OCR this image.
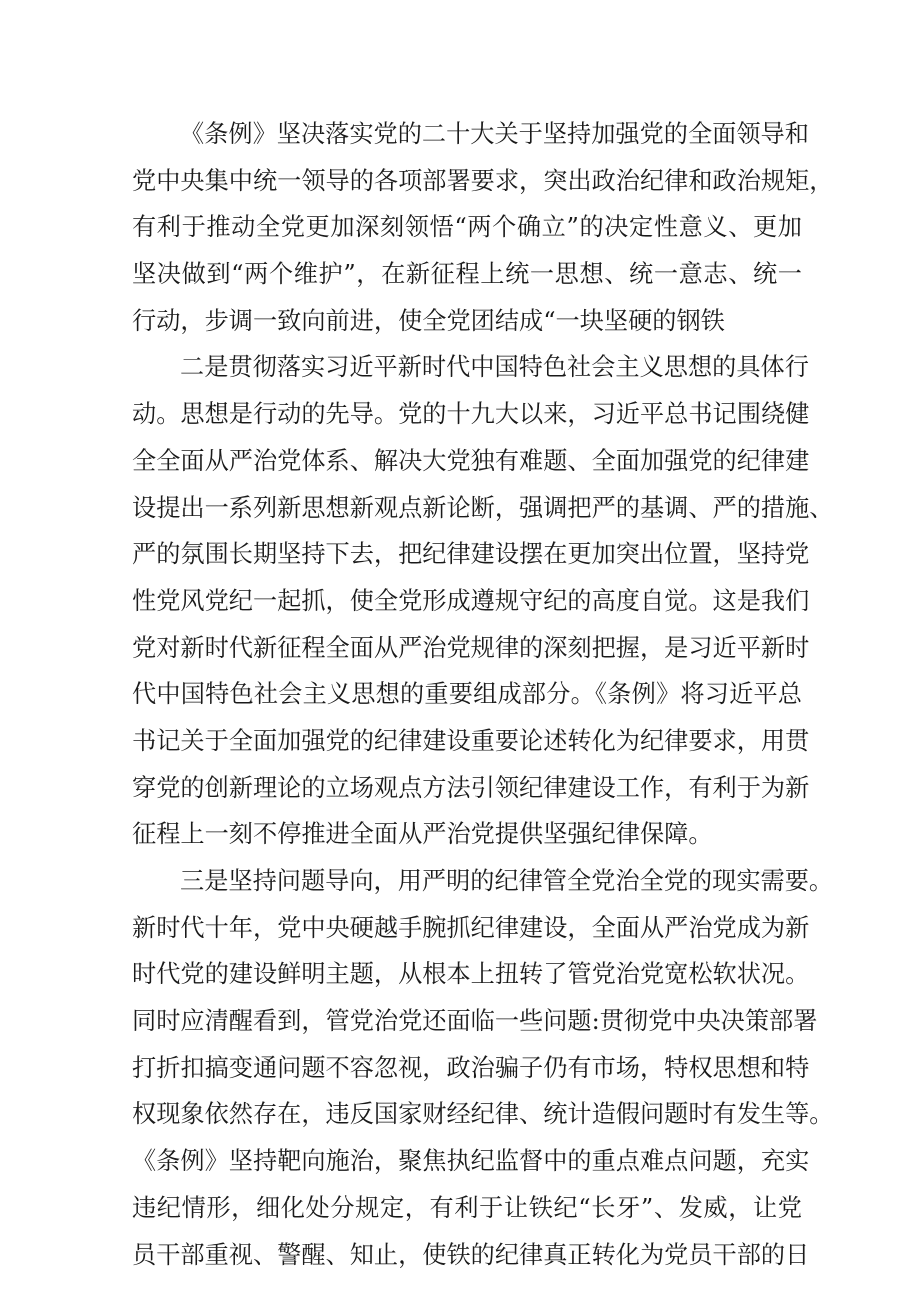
《条例》坚决落实党的二十大关于坚持加强党的全面领导和
党中央集中统一领导的各项部署要求，突出政治纪律和政治规矩，
有利于推动全党更加深刻领悟“两个确立”的决定性意义、更加
坚决做到“两个维护”，在新征程上统一思想、统一意志、统一
行动，步调一致向前进，使全党团结成“一块坚硬的钢铁
二是贯彻落实习近平新时代中国特色社会主义思想的具体行
动。思想是行动的先导。党的十九大以来，习近平总书记围绕健
全全面从严治党体系、解决大党独有难题、全面加强党的纪律建
设提出一系列新思想新观点新论断，强调把严的基调、严的措施、
严的氛围长期坚持下去，把纪律建设摆在更加突出位置，坚持党
性党风党纪一起抓，使全党形成遵规守纪的高度自觉。这是我们
党对新时代新征程全面从严治党规律的深刻把握，是习近平新时
代中国特色社会主义思想的重要组成部分。《条例》将习近平总
书记关于全面加强党的纪律建设重要论述转化为纪律要求，用贯
穿党的创新理论的立场观点方法引领纪律建设工作，有利于为新
征程上一刻不停推进全面从严治党提供坚强纪律保障。
三是坚持问题导向，用严明的纪律管全党治全党的现实需要。
新时代十年，党中央硬越手腕抓纪律建设，全面从严治党成为新
时代党的建设鲜明主题，从根本上扭转了管党治党宽松软状况。
同时应清醒看到，管党治党还面临一些问题:贯彻党中央决策部署
打折扣搞变通问题不容忽视，政治骗子仍有市场，特权思想和特
权现象依然存在，违反国家财经纪律、统计造假问题时有发生等。
《条例》坚持靶向施治，聚焦执纪监督中的重点难点问题，充实
违纪情形，细化处分规定，有利于让铁纪“长牙”、发威，让党
员干部重视、警醒、知止，使铁的纪律真正转化为党员干部的日
